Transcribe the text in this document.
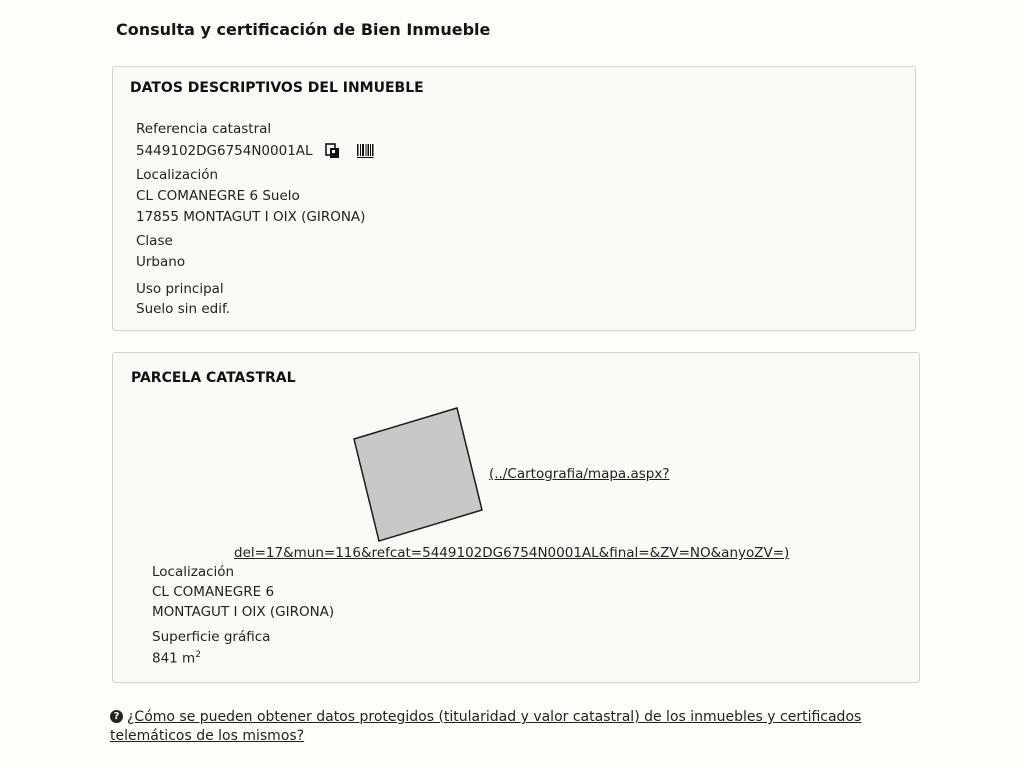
Consulta y certificación de Bien Inmueble
DATOS DESCRIPTIVOS DEL INMUEBLE
Referencia catastral
5449102DG6754N0001AL
Localización
CL COMANEGRE 6 Suelo
17855 MONTAGUT I OIX (GIRONA)
Clase
Urbano
Uso principal
Suelo sin edif.
PARCELA CATASTRAL
(../Cartografia/mapa.aspx?
del=17&mun=116&refcat=5449102DG6754N0001AL&final=&ZV=NO&anyoZV=)
Localización
CL COMANEGRE 6
MONTAGUT I OIX (GIRONA)
Superficie gráfica
841 $m^2$
? ¿Cómo se pueden obtener datos protegidos (titularidad y valor catastral) de los inmuebles y certificados
telemáticos de los mismos?
